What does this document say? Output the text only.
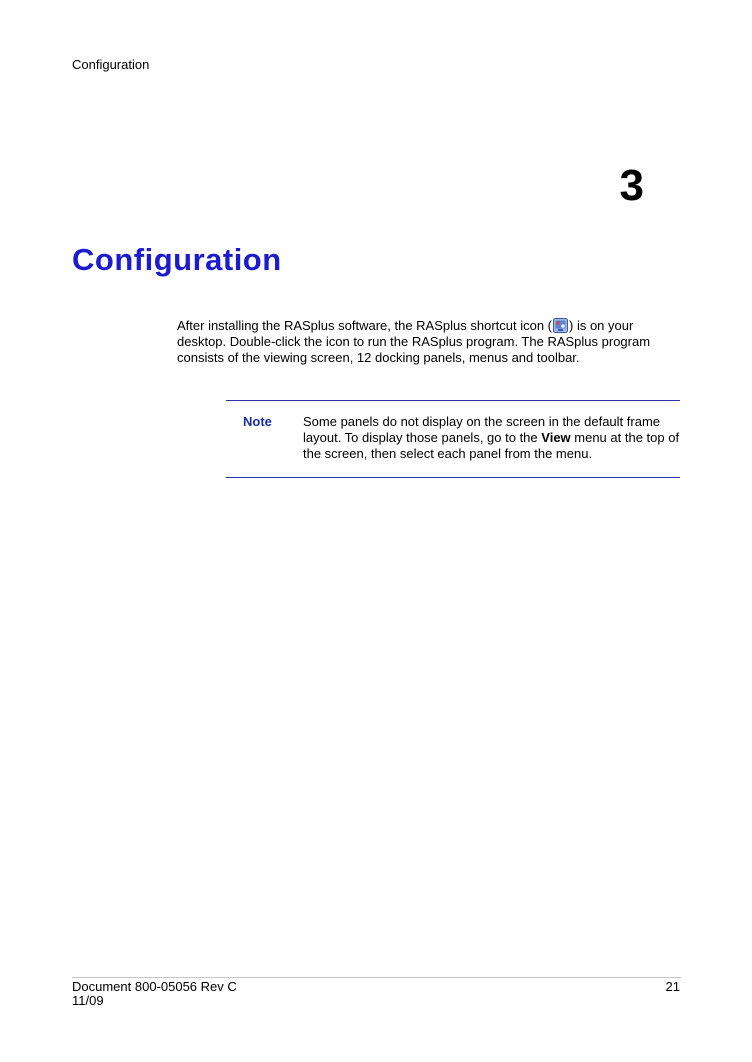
Configuration
3
Configuration

After installing the RASplus software, the RASplus shortcut icon ( ) is on your desktop. Double-click the icon to run the RASplus program. The RASplus program consists of the viewing screen, 12 docking panels, menus and toolbar.

Note Some panels do not display on the screen in the default frame layout. To display those panels, go to the View menu at the top of the screen, then select each panel from the menu.

Document 800-05056 Rev C
11/09
21
